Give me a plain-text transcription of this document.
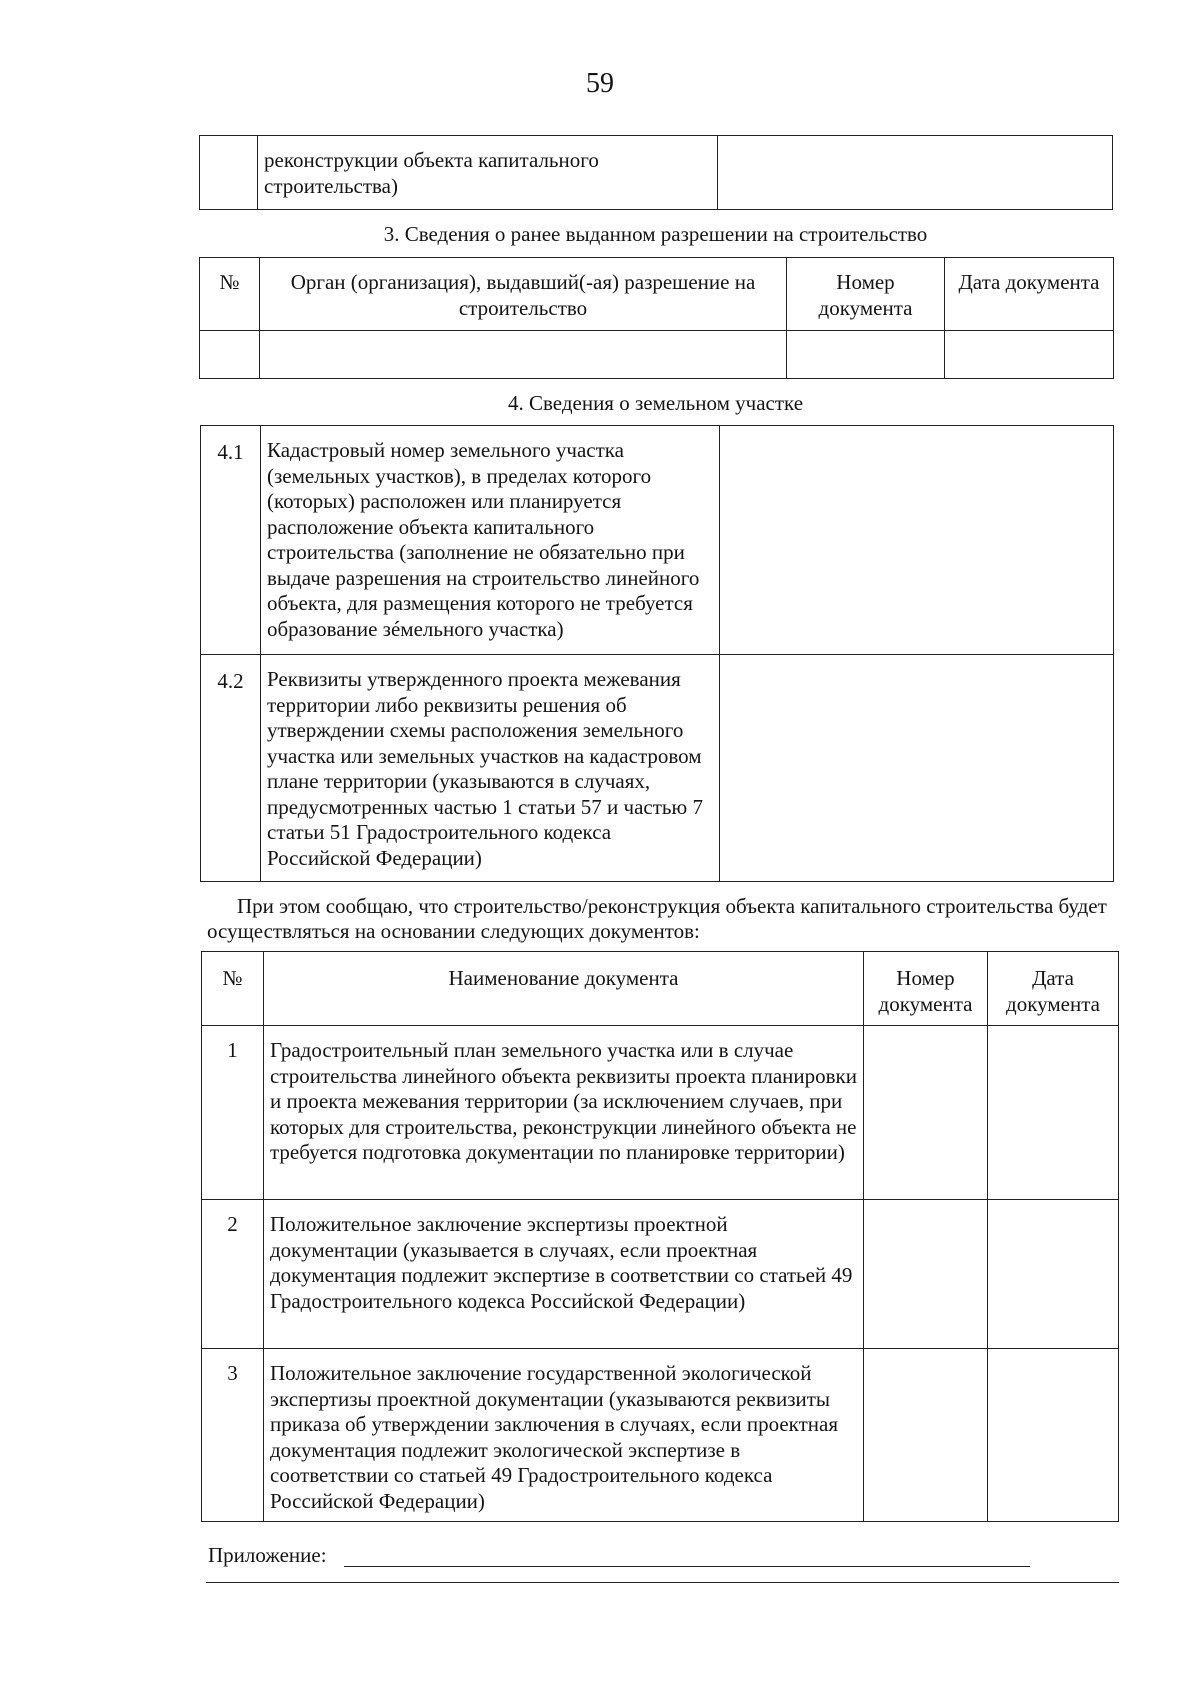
59

реконструкции объекта капитального строительства)

3. Сведения о ранее выданном разрешении на строительство
№	Орган (организация), выдавший(-ая) разрешение на строительство	Номер документа	Дата документа

4. Сведения о земельном участке
4.1	Кадастровый номер земельного участка (земельных участков), в пределах которого (которых) расположен или планируется расположение объекта капитального строительства (заполнение не обязательно при выдаче разрешения на строительство линейного объекта, для размещения которого не требуется образование зéмельного участка)	

4.2	Реквизиты утвержденного проекта межевания территории либо реквизиты решения об утверждении схемы расположения земельного участка или земельных участков на кадастровом плане территории (указываются в случаях, предусмотренных частью 1 статьи 57 и частью 7 статьи 51 Градостроительного кодекса Российской Федерации)	

При этом сообщаю, что строительство/реконструкция объекта капитального строительства будет осуществляться на основании следующих документов:
№	Наименование документа	Номер документа	Дата документа

1	Градостроительный план земельного участка или в случае строительства линейного объекта реквизиты проекта планировки и проекта межевания территории (за исключением случаев, при которых для строительства, реконструкции линейного объекта не требуется подготовка документации по планировке территории)		

2	Положительное заключение экспертизы проектной документации (указывается в случаях, если проектная документация подлежит экспертизе в соответствии со статьей 49 Градостроительного кодекса Российской Федерации)		

3	Положительное заключение государственной экологической экспертизы проектной документации (указываются реквизиты приказа об утверждении заключения в случаях, если проектная документация подлежит экологической экспертизе в соответствии со статьей 49 Градостроительного кодекса Российской Федерации)		

Приложение:
